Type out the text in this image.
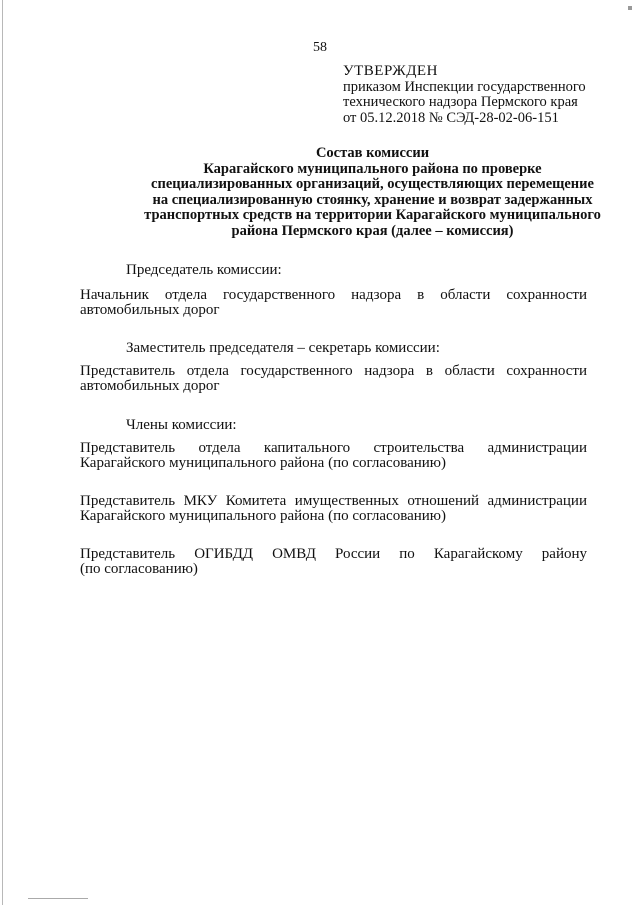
58
УТВЕРЖДЕН
приказом Инспекции государственного
технического надзора Пермского края
от 05.12.2018 № СЭД-28-02-06-151
Состав комиссии
Карагайского муниципального района по проверке
специализированных организаций, осуществляющих перемещение
на специализированную стоянку, хранение и возврат задержанных
транспортных средств на территории Карагайского муниципального
района Пермского края (далее – комиссия)
Председатель комиссии:
Начальник отдела государственного надзора в области сохранности
автомобильных дорог
Заместитель председателя – секретарь комиссии:
Представитель отдела государственного надзора в области сохранности
автомобильных дорог
Члены комиссии:
Представитель отдела капитального строительства администрации
Карагайского муниципального района (по согласованию)
Представитель МКУ Комитета имущественных отношений администрации
Карагайского муниципального района (по согласованию)
Представитель ОГИБДД ОМВД России по Карагайскому району
(по согласованию)
